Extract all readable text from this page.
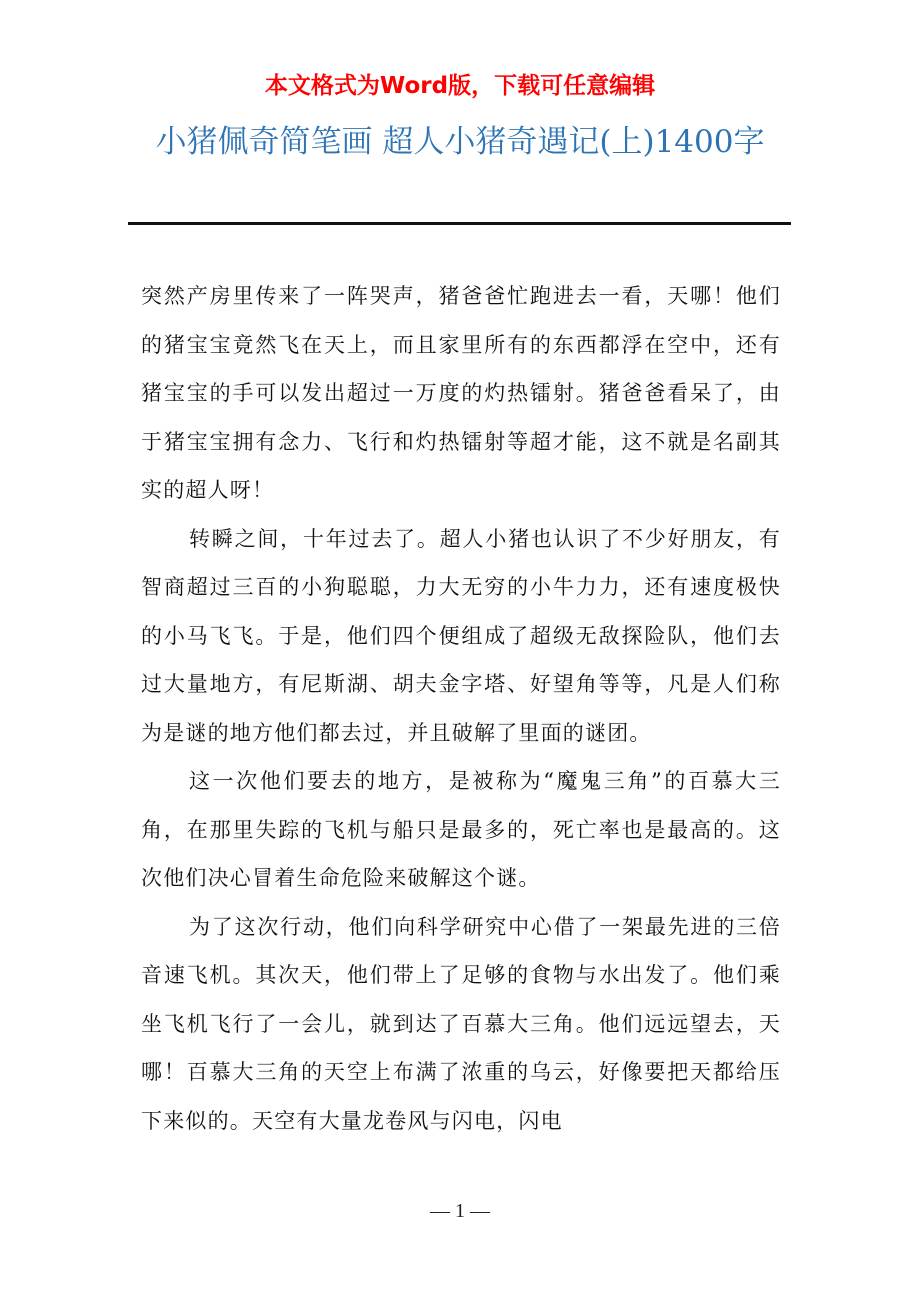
本文格式为Word版，下载可任意编辑
小猪佩奇简笔画 超人小猪奇遇记(上)1400字

突然产房里传来了一阵哭声，猪爸爸忙跑进去一看，天哪！他们的猪宝宝竟然飞在天上，而且家里所有的东西都浮在空中，还有猪宝宝的手可以发出超过一万度的灼热镭射。猪爸爸看呆了，由于猪宝宝拥有念力、飞行和灼热镭射等超才能，这不就是名副其实的超人呀！

转瞬之间，十年过去了。超人小猪也认识了不少好朋友，有智商超过三百的小狗聪聪，力大无穷的小牛力力，还有速度极快的小马飞飞。于是，他们四个便组成了超级无敌探险队，他们去过大量地方，有尼斯湖、胡夫金字塔、好望角等等，凡是人们称为是谜的地方他们都去过，并且破解了里面的谜团。

这一次他们要去的地方，是被称为“魔鬼三角”的百慕大三角，在那里失踪的飞机与船只是最多的，死亡率也是最高的。这次他们决心冒着生命危险来破解这个谜。

为了这次行动，他们向科学研究中心借了一架最先进的三倍音速飞机。其次天，他们带上了足够的食物与水出发了。他们乘坐飞机飞行了一会儿，就到达了百慕大三角。他们远远望去，天哪！百慕大三角的天空上布满了浓重的乌云，好像要把天都给压下来似的。天空有大量龙卷风与闪电，闪电

— 1 —
